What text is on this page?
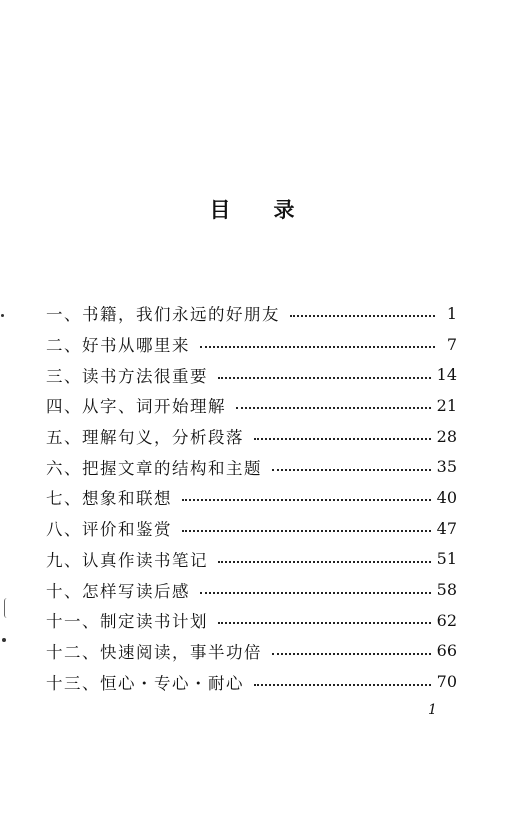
目 录
一、书籍，我们永远的好朋友	1
二、好书从哪里来	7
三、读书方法很重要	14
四、从字、词开始理解	21
五、理解句义，分析段落	28
六、把握文章的结构和主题	35
七、想象和联想	40
八、评价和鉴赏	47
九、认真作读书笔记	51
十、怎样写读后感	58
十一、制定读书计划	62
十二、快速阅读，事半功倍	66
十三、恒心・专心・耐心	70
1
